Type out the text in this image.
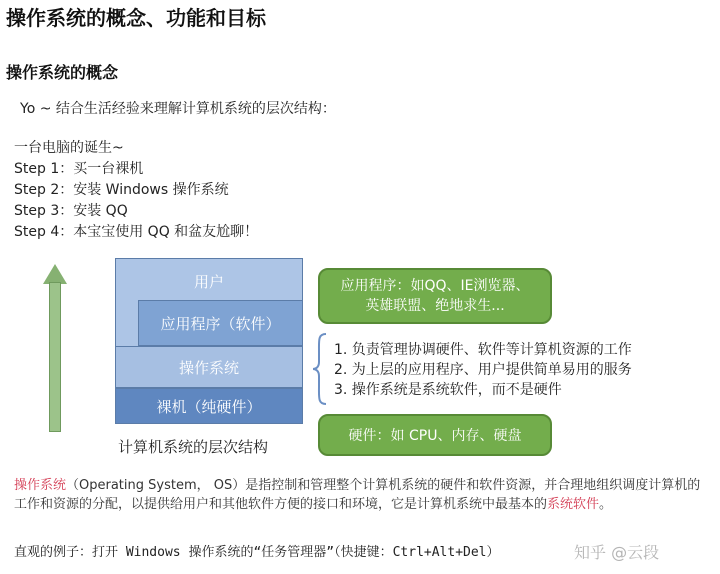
操作系统的概念、功能和目标
操作系统的概念
Yo ~ 结合生活经验来理解计算机系统的层次结构：
一台电脑的诞生~
Step 1：买一台裸机
Step 2：安装 Windows 操作系统
Step 3：安装 QQ
Step 4：本宝宝使用 QQ 和盆友尬聊！
用户
应用程序（软件）
操作系统
裸机（纯硬件）
计算机系统的层次结构
应用程序：如QQ、IE浏览器、
英雄联盟、绝地求生...
硬件：如 CPU、内存、硬盘
1. 负责管理协调硬件、软件等计算机资源的工作
2. 为上层的应用程序、用户提供简单易用的服务
3. 操作系统是系统软件，而不是硬件
操作系统（Operating System， OS）是指控制和管理整个计算机系统的硬件和软件资源，并合理地组织调度计算机的工作和资源的分配，以提供给用户和其他软件方便的接口和环境，它是计算机系统中最基本的系统软件。
直观的例子：打开 Windows 操作系统的“任务管理器”（快捷键：Ctrl+Alt+Del）	知乎 @云段
